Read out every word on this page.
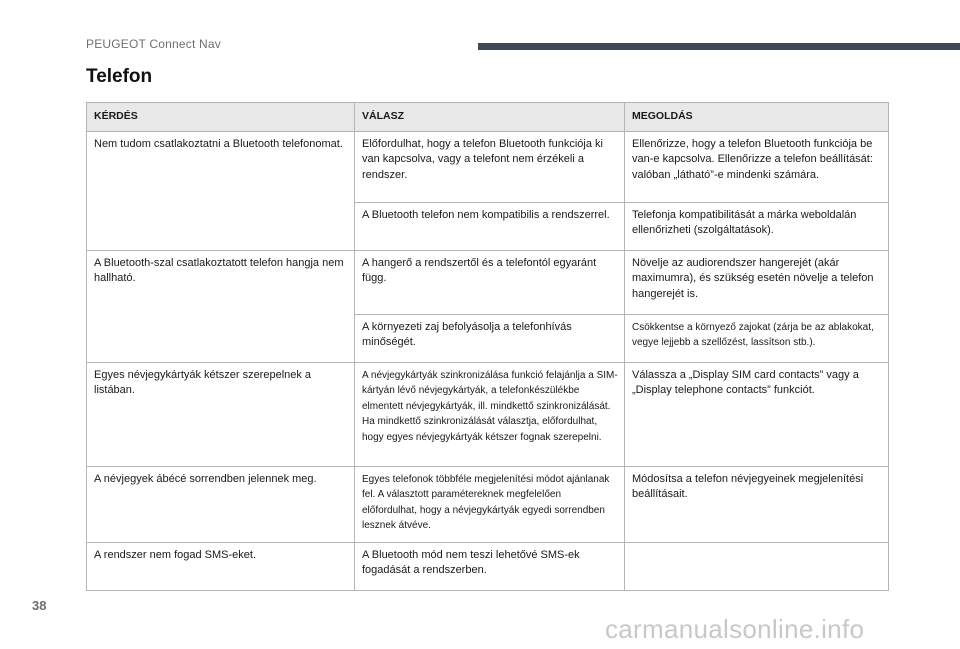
PEUGEOT Connect Nav
Telefon
KÉRDÉS	VÁLASZ	MEGOLDÁS
Nem tudom csatlakoztatni a Bluetooth telefonomat.	Előfordulhat, hogy a telefon Bluetooth funkciója ki van kapcsolva, vagy a telefont nem érzékeli a rendszer.	Ellenőrizze, hogy a telefon Bluetooth funkciója be van-e kapcsolva. Ellenőrizze a telefon beállítását: valóban „látható”-e mindenki számára.
	A Bluetooth telefon nem kompatibilis a rendszerrel.	Telefonja kompatibilitását a márka weboldalán ellenőrizheti (szolgáltatások).
A Bluetooth-szal csatlakoztatott telefon hangja nem hallható.	A hangerő a rendszertől és a telefontól egyaránt függ.	Növelje az audiorendszer hangerejét (akár maximumra), és szükség esetén növelje a telefon hangerejét is.
	A környezeti zaj befolyásolja a telefonhívás minőségét.	Csökkentse a környező zajokat (zárja be az ablakokat, vegye lejjebb a szellőzést, lassítson stb.).
Egyes névjegykártyák kétszer szerepelnek a listában.	A névjegykártyák szinkronizálása funkció felajánlja a SIM-kártyán lévő névjegykártyák, a telefonkészülékbe elmentett névjegykártyák, ill. mindkettő szinkronizálását. Ha mindkettő szinkronizálását választja, előfordulhat, hogy egyes névjegykártyák kétszer fognak szerepelni.	Válassza a „Display SIM card contacts” vagy a „Display telephone contacts” funkciót.
A névjegyek ábécé sorrendben jelennek meg.	Egyes telefonok többféle megjelenítési módot ajánlanak fel. A választott paramétereknek megfelelően előfordulhat, hogy a névjegykártyák egyedi sorrendben lesznek átvéve.	Módosítsa a telefon névjegyeinek megjelenítési beállításait.
A rendszer nem fogad SMS-eket.	A Bluetooth mód nem teszi lehetővé SMS-ek fogadását a rendszerben.	
38
carmanualsonline.info
